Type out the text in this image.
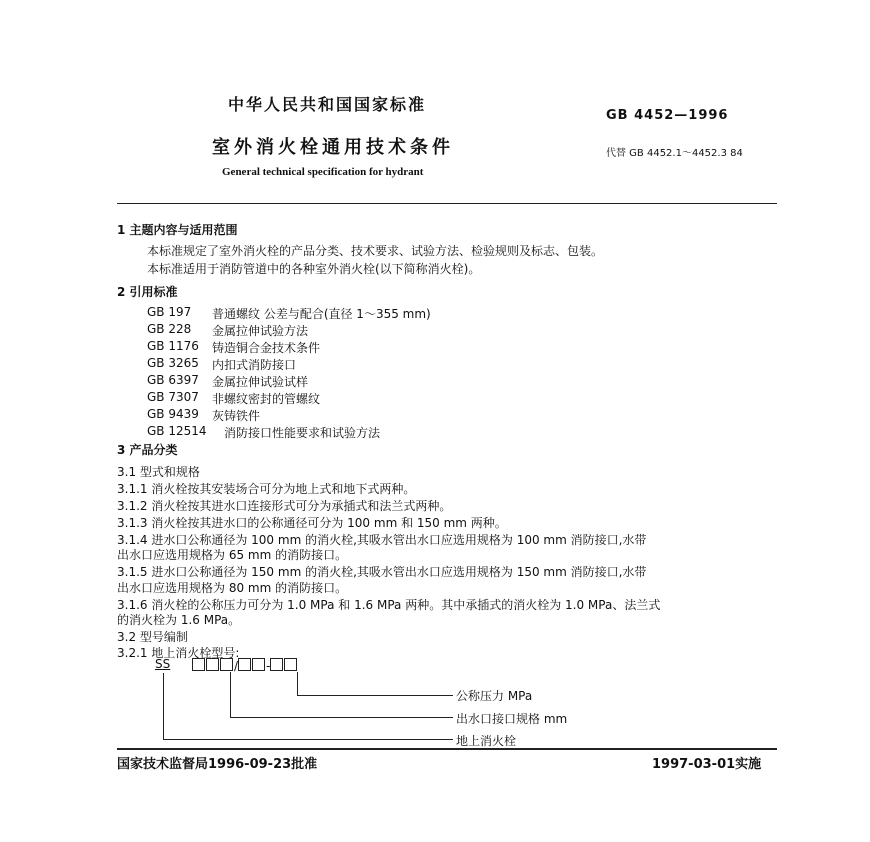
中华人民共和国国家标准
GB 4452—1996
室外消火栓通用技术条件	代替 GB 4452.1～4452.3 84
General technical specification for hydrant
1 主题内容与适用范围
本标准规定了室外消火栓的产品分类、技术要求、试验方法、检验规则及标志、包装。
本标准适用于消防管道中的各种室外消火栓(以下简称消火栓)。
2 引用标准
GB 197 普通螺纹 公差与配合(直径 1～355 mm)
GB 228 金属拉伸试验方法
GB 1176 铸造铜合金技术条件
GB 3265 内扣式消防接口
GB 6397 金属拉伸试验试样
GB 7307 非螺纹密封的管螺纹
GB 9439 灰铸铁件
GB 12514 消防接口性能要求和试验方法
3 产品分类
3.1 型式和规格
3.1.1 消火栓按其安装场合可分为地上式和地下式两种。
3.1.2 消火栓按其进水口连接形式可分为承插式和法兰式两种。
3.1.3 消火栓按其进水口的公称通径可分为 100 mm 和 150 mm 两种。
3.1.4 进水口公称通径为 100 mm 的消火栓,其吸水管出水口应选用规格为 100 mm 消防接口,水带
出水口应选用规格为 65 mm 的消防接口。
3.1.5 进水口公称通径为 150 mm 的消火栓,其吸水管出水口应选用规格为 150 mm 消防接口,水带
出水口应选用规格为 80 mm 的消防接口。
3.1.6 消火栓的公称压力可分为 1.0 MPa 和 1.6 MPa 两种。其中承插式的消火栓为 1.0 MPa、法兰式
的消火栓为 1.6 MPa。
3.2 型号编制
3.2.1 地上消火栓型号:
SS	/ -
公称压力 MPa
出水口接口规格 mm
地上消火栓
国家技术监督局1996-09-23批准	1997-03-01实施
